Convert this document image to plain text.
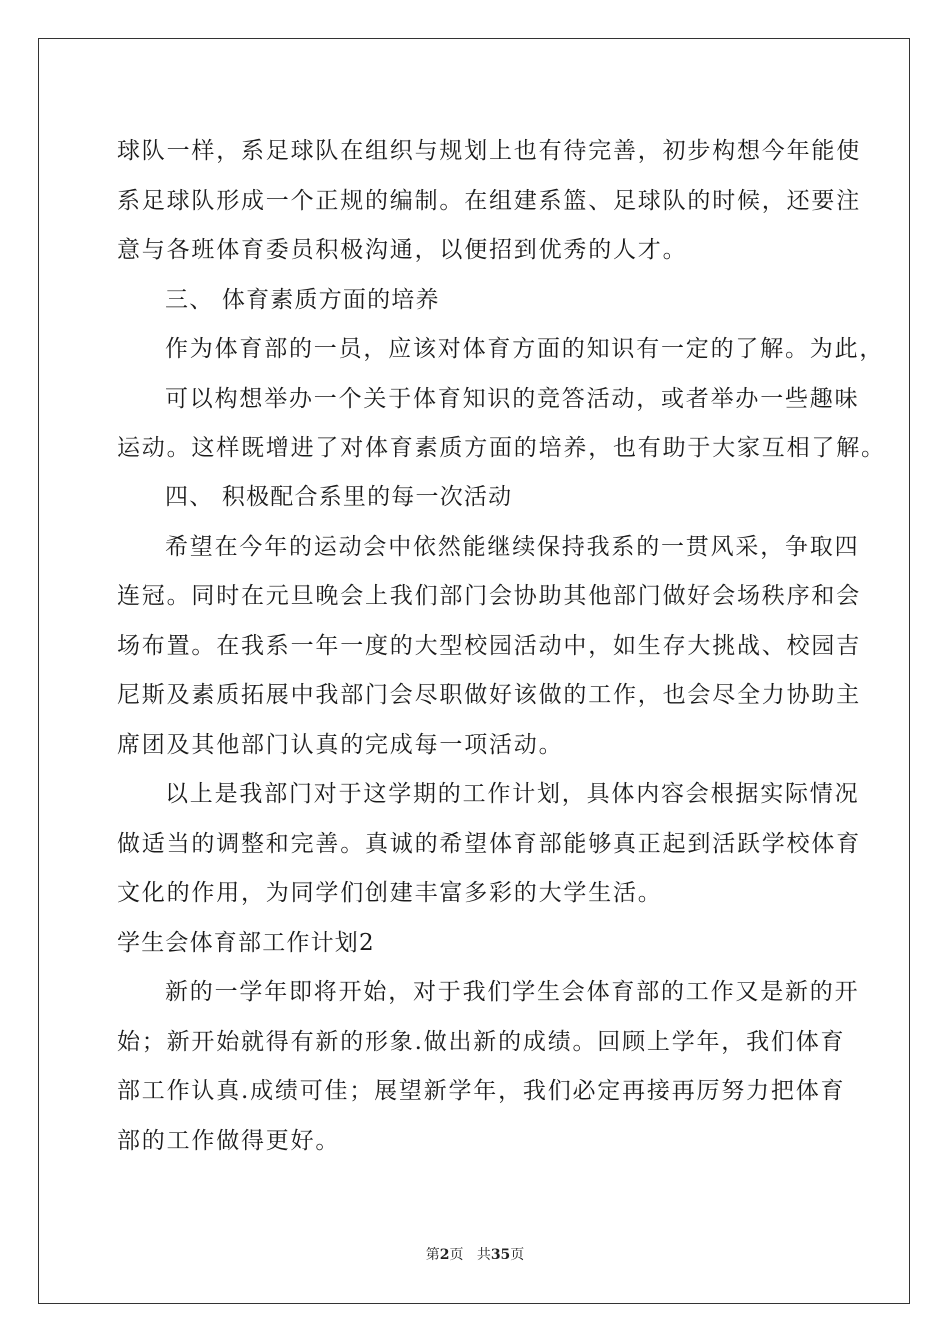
球队一样，系足球队在组织与规划上也有待完善，初步构想今年能使
系足球队形成一个正规的编制。在组建系篮、足球队的时候，还要注
意与各班体育委员积极沟通，以便招到优秀的人才。
三、 体育素质方面的培养
作为体育部的一员，应该对体育方面的知识有一定的了解。为此，
可以构想举办一个关于体育知识的竞答活动，或者举办一些趣味
运动。这样既增进了对体育素质方面的培养，也有助于大家互相了解。
四、 积极配合系里的每一次活动
希望在今年的运动会中依然能继续保持我系的一贯风采，争取四
连冠。同时在元旦晚会上我们部门会协助其他部门做好会场秩序和会
场布置。在我系一年一度的大型校园活动中，如生存大挑战、校园吉
尼斯及素质拓展中我部门会尽职做好该做的工作，也会尽全力协助主
席团及其他部门认真的完成每一项活动。
以上是我部门对于这学期的工作计划，具体内容会根据实际情况
做适当的调整和完善。真诚的希望体育部能够真正起到活跃学校体育
文化的作用，为同学们创建丰富多彩的大学生活。
学生会体育部工作计划2
新的一学年即将开始，对于我们学生会体育部的工作又是新的开
始；新开始就得有新的形象.做出新的成绩。回顾上学年，我们体育
部工作认真.成绩可佳；展望新学年，我们必定再接再厉努力把体育
部的工作做得更好。
第2页 共35页
